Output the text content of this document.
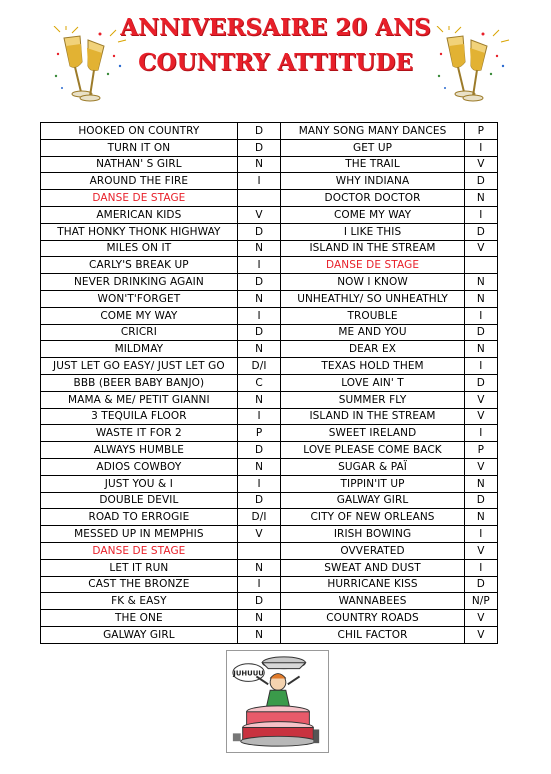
ANNIVERSAIRE 20 ANS
COUNTRY ATTITUDE
HOOKED ON COUNTRY	D	MANY SONG MANY DANCES	P
TURN IT ON	D	GET UP	I
NATHAN' S GIRL	N	THE TRAIL	V
AROUND THE FIRE	I	WHY INDIANA	D
DANSE DE STAGE		DOCTOR DOCTOR	N
AMERICAN KIDS	V	COME MY WAY	I
THAT HONKY THONK HIGHWAY	D	I LIKE THIS	D
MILES ON IT	N	ISLAND IN THE STREAM	V
CARLY'S BREAK UP	I	DANSE DE STAGE	
NEVER DRINKING AGAIN	D	NOW I KNOW	N
WON'T'FORGET	N	UNHEATHLY/ SO UNHEATHLY	N
COME MY WAY	I	TROUBLE	I
CRICRI	D	ME AND YOU	D
MILDMAY	N	DEAR EX	N
JUST LET GO EASY/ JUST LET GO	D/I	TEXAS HOLD THEM	I
BBB (BEER BABY BANJO)	C	LOVE AIN' T	D
MAMA & ME/ PETIT GIANNI	N	SUMMER FLY	V
3 TEQUILA FLOOR	I	ISLAND IN THE STREAM	V
WASTE IT FOR 2	P	SWEET IRELAND	I
ALWAYS HUMBLE	D	LOVE PLEASE COME BACK	P
ADIOS COWBOY	N	SUGAR & PAÏ	V
JUST YOU & I	I	TIPPIN'IT UP	N
DOUBLE DEVIL	D	GALWAY GIRL	D
ROAD TO ERROGIE	D/I	CITY OF NEW ORLEANS	N
MESSED UP IN MEMPHIS	V	IRISH BOWING	I
DANSE DE STAGE		OVVERATED	V
LET IT RUN	N	SWEAT AND DUST	I
CAST THE BRONZE	I	HURRICANE KISS	D
FK & EASY	D	WANNABEES	N/P
THE ONE	N	COUNTRY ROADS	V
GALWAY GIRL	N	CHIL FACTOR	V
JUHUUU
